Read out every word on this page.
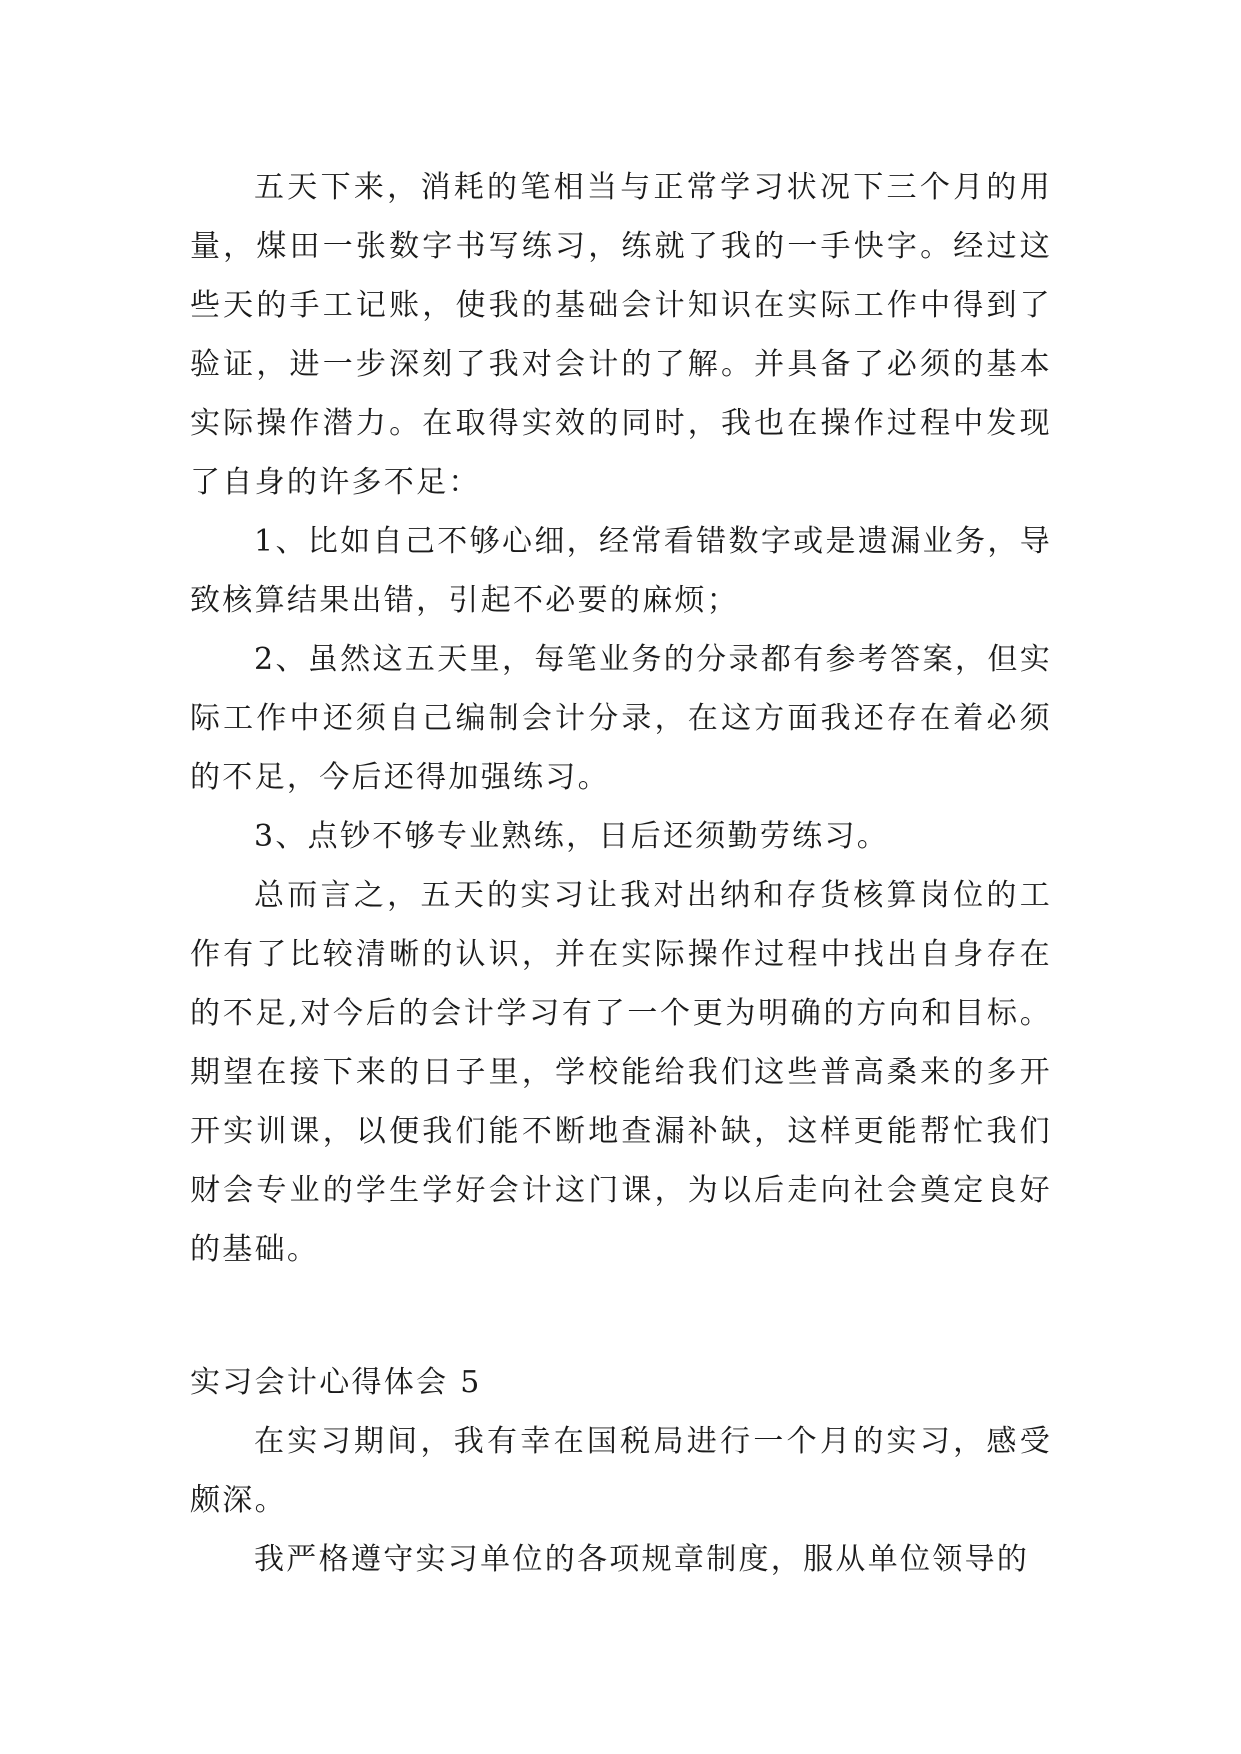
五天下来，消耗的笔相当与正常学习状况下三个月的用量，煤田一张数字书写练习，练就了我的一手快字。经过这些天的手工记账，使我的基础会计知识在实际工作中得到了验证，进一步深刻了我对会计的了解。并具备了必须的基本实际操作潜力。在取得实效的同时，我也在操作过程中发现了自身的许多不足：

1、比如自己不够心细，经常看错数字或是遗漏业务，导致核算结果出错，引起不必要的麻烦；

2、虽然这五天里，每笔业务的分录都有参考答案，但实际工作中还须自己编制会计分录，在这方面我还存在着必须的不足，今后还得加强练习。

3、点钞不够专业熟练，日后还须勤劳练习。

总而言之，五天的实习让我对出纳和存货核算岗位的工作有了比较清晰的认识，并在实际操作过程中找出自身存在的不足,对今后的会计学习有了一个更为明确的方向和目标。期望在接下来的日子里，学校能给我们这些普高桑来的多开开实训课，以便我们能不断地查漏补缺，这样更能帮忙我们财会专业的学生学好会计这门课，为以后走向社会奠定良好的基础。

实习会计心得体会 5

在实习期间，我有幸在国税局进行一个月的实习，感受颇深。

我严格遵守实习单位的各项规章制度，服从单位领导的
